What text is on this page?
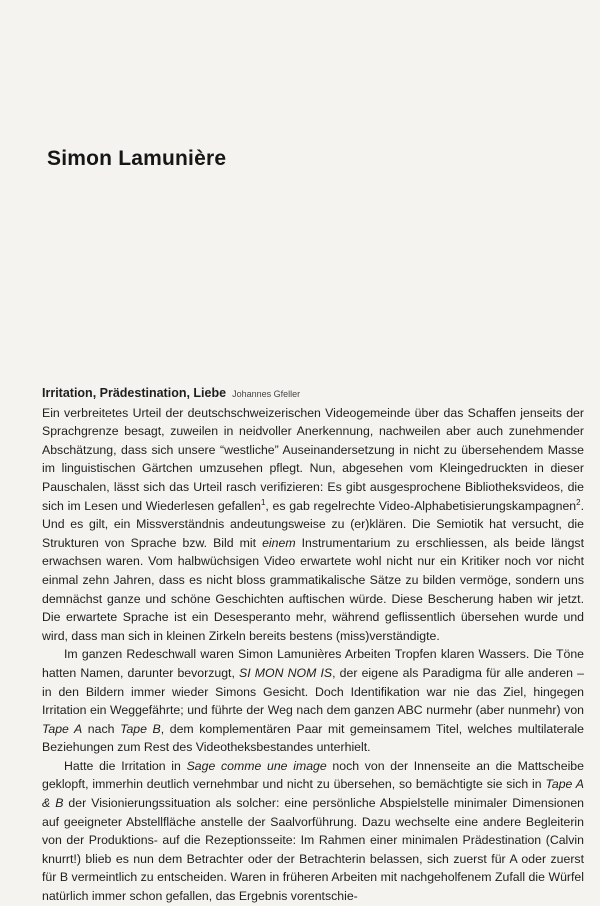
Simon Lamunière

Irritation, Prädestination, Liebe Johannes Gfeller

Ein verbreitetes Urteil der deutschschweizerischen Videogemeinde über das Schaffen jenseits der Sprachgrenze besagt, zuweilen in neidvoller Anerkennung, nachweilen aber auch zunehmender Abschätzung, dass sich unsere “westliche” Auseinandersetzung in nicht zu übersehendem Masse im linguistischen Gärtchen umzusehen pflegt. Nun, abgesehen vom Kleingedruckten in dieser Pauschalen, lässt sich das Urteil rasch verifizieren: Es gibt ausgesprochene Bibliotheksvideos, die sich im Lesen und Wiederlesen gefallen$^1$, es gab regelrechte Video-Alphabetisierungskampagnen$^2$. Und es gilt, ein Missverständnis andeutungsweise zu (er)klären. Die Semiotik hat versucht, die Strukturen von Sprache bzw. Bild mit einem Instrumentarium zu erschliessen, als beide längst erwachsen waren. Vom halbwüchsigen Video erwartete wohl nicht nur ein Kritiker noch vor nicht einmal zehn Jahren, dass es nicht bloss grammatikalische Sätze zu bilden vermöge, sondern uns demnächst ganze und schöne Geschichten auftischen würde. Diese Bescherung haben wir jetzt. Die erwartete Sprache ist ein Desesperanto mehr, während geflissentlich übersehen wurde und wird, dass man sich in kleinen Zirkeln bereits bestens (miss)verständigte.

Im ganzen Redeschwall waren Simon Lamunières Arbeiten Tropfen klaren Wassers. Die Töne hatten Namen, darunter bevorzugt, SI MON NOM IS, der eigene als Paradigma für alle anderen – in den Bildern immer wieder Simons Gesicht. Doch Identifikation war nie das Ziel, hingegen Irritation ein Weggefährte; und führte der Weg nach dem ganzen ABC nurmehr (aber nunmehr) von Tape A nach Tape B, dem komplementären Paar mit gemeinsamem Titel, welches multilaterale Beziehungen zum Rest des Videotheksbestandes unterhielt.

Hatte die Irritation in Sage comme une image noch von der Innenseite an die Mattscheibe geklopft, immerhin deutlich vernehmbar und nicht zu übersehen, so bemächtigte sie sich in Tape A & B der Visionierungssituation als solcher: eine persönliche Abspielstelle minimaler Dimensionen auf geeigneter Abstellfläche anstelle der Saalvorführung. Dazu wechselte eine andere Begleiterin von der Produktions- auf die Rezeptionsseite: Im Rahmen einer minimalen Prädestination (Calvin knurrt!) blieb es nun dem Betrachter oder der Betrachterin belassen, sich zuerst für A oder zuerst für B vermeintlich zu entscheiden. Waren in früheren Arbeiten mit nachgeholfenem Zufall die Würfel natürlich immer schon gefallen, das Ergebnis vorentschie-
